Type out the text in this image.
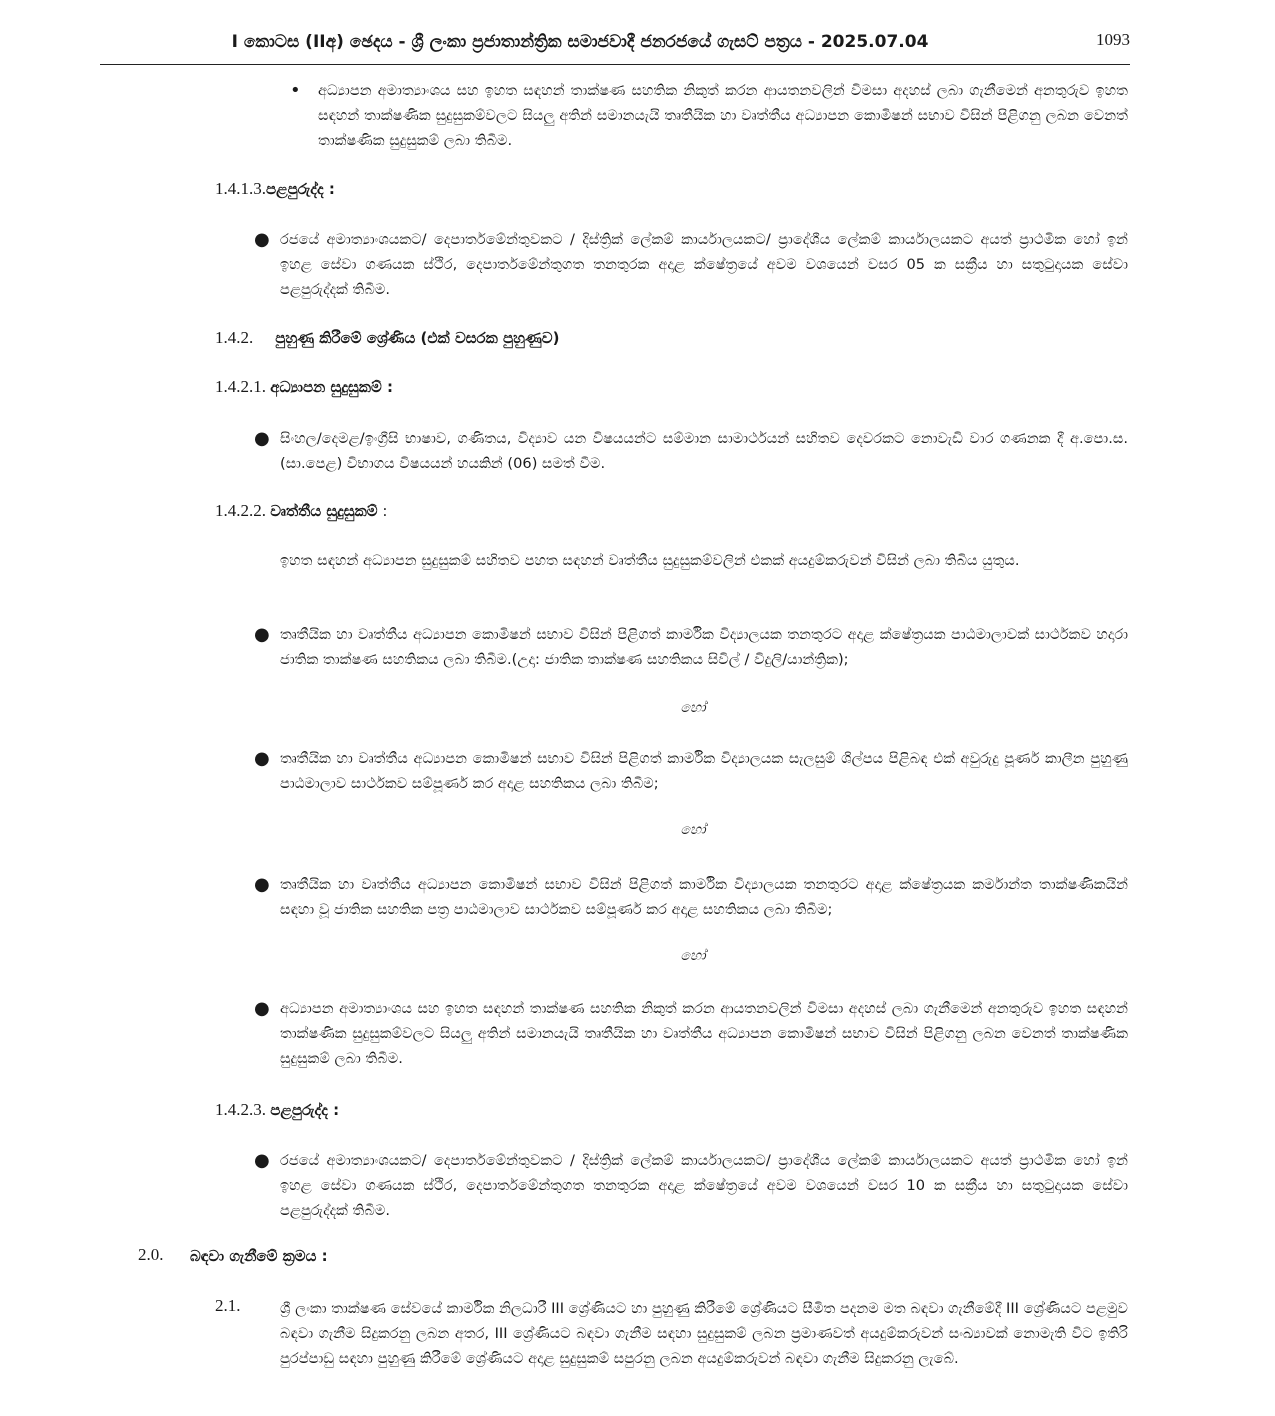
I කොටස (IIඅ) ඡෙදය - ශ්‍රී ලංකා ප්‍රජාතාන්ත්‍රික සමාජවාදී ජනරජයේ ගැසට් පත්‍රය - 2025.07.04	1093
• අධ්‍යාපන අමාත්‍යාංශය සහ ඉහත සඳහන් තාක්ෂණ සහතික නිකුත් කරන ආයතනවලින් විමසා අදහස් ලබා ගැනීමෙන් අනතුරුව ඉහත සඳහන් තාක්ෂණික සුදුසුකම්වලට සියලු අතින් සමානයැයි තෘතීයික හා වෘත්තීය අධ්‍යාපන කොමිෂන් සභාව විසින් පිළිගනු ලබන වෙනත් තාක්ෂණික සුදුසුකම් ලබා තිබීම.
1.4.1.3.පළපුරුද්ද :
● රජයේ අමාත්‍යාංශයකට/ දෙපාර්තමේන්තුවකට / දිස්ත්‍රික් ලේකම් කාර්යාලයකට/ ප්‍රාදේශීය ලේකම් කාර්යාලයකට අයත් ප්‍රාථමික හෝ ඉන් ඉහළ සේවා ගණයක ස්ථිර, දෙපාර්තමේන්තුගත තනතුරක අදාළ ක්ෂේත්‍රයේ අවම වශයෙන් වසර 05 ක සක්‍රීය හා සතුටුදායක සේවා පළපුරුද්දක් තිබීම.
1.4.2. පුහුණු කිරීමේ ශ්‍රේණිය (එක් වසරක පුහුණුව)
1.4.2.1. අධ්‍යාපන සුදුසුකම් :
● සිංහල/දෙමළ/ඉංග්‍රීසි භාෂාව, ගණිතය, විද්‍යාව යන විෂයයන්ට සම්මාන සාමාර්ථයන් සහිතව දෙවරකට නොවැඩි වාර ගණනක දී අ.පො.ස. (සා.පෙළ) විභාගය විෂයයන් හයකින් (06) සමත් වීම.
1.4.2.2. වෘත්තීය සුදුසුකම් :
ඉහත සඳහන් අධ්‍යාපන සුදුසුකම් සහිතව පහත සඳහන් වෘත්තීය සුදුසුකම්වලින් එකක් අයදුම්කරුවන් විසින් ලබා තිබිය යුතුය.
● තෘතීයික හා වෘත්තීය අධ්‍යාපන කොමිෂන් සභාව විසින් පිළිගත් කාර්මික විද්‍යාලයක තනතුරට අදාළ ක්ෂේත්‍රයක පාඨමාලාවක් සාර්ථකව හදාරා ජාතික තාක්ෂණ සහතිකය ලබා තිබීම.(උදා: ජාතික තාක්ෂණ සහතිකය සිවිල් / විදුලි/යාන්ත්‍රික);
හෝ
● තෘතීයික හා වෘත්තීය අධ්‍යාපන කොමිෂන් සභාව විසින් පිළිගත් කාර්මික විද්‍යාලයක සැලසුම් ශිල්පය පිළිබඳ එක් අවුරුදු පූර්ණ කාලීන පුහුණු පාඨමාලාව සාර්ථකව සම්පූර්ණ කර අදාළ සහතිකය ලබා තිබීම;
හෝ
● තෘතීයික හා වෘත්තීය අධ්‍යාපන කොමිෂන් සභාව විසින් පිළිගත් කාර්මික විද්‍යාලයක තනතුරට අදාළ ක්ෂේත්‍රයක කර්මාන්ත තාක්ෂණිකයින් සඳහා වූ ජාතික සහතික පත්‍ර පාඨමාලාව සාර්ථකව සම්පූර්ණ කර අදාළ සහතිකය ලබා තිබීම;
හෝ
● අධ්‍යාපන අමාත්‍යාංශය සහ ඉහත සඳහන් තාක්ෂණ සහතික නිකුත් කරන ආයතනවලින් විමසා අදහස් ලබා ගැනීමෙන් අනතුරුව ඉහත සඳහන් තාක්ෂණික සුදුසුකම්වලට සියලු අතින් සමානයැයි තෘතීයික හා වෘත්තීය අධ්‍යාපන කොමිෂන් සභාව විසින් පිළිගනු ලබන වෙනත් තාක්ෂණික සුදුසුකම් ලබා තිබීම.
1.4.2.3. පළපුරුද්ද :
● රජයේ අමාත්‍යාංශයකට/ දෙපාර්තමේන්තුවකට / දිස්ත්‍රික් ලේකම් කාර්යාලයකට/ ප්‍රාදේශීය ලේකම් කාර්යාලයකට අයත් ප්‍රාථමික හෝ ඉන් ඉහළ සේවා ගණයක ස්ථිර, දෙපාර්තමේන්තුගත තනතුරක අදාළ ක්ෂේත්‍රයේ අවම වශයෙන් වසර 10 ක සක්‍රීය හා සතුටුදායක සේවා පළපුරුද්දක් තිබීම.
2.0. බඳවා ගැනීමේ ක්‍රමය :
2.1.	ශ්‍රී ලංකා තාක්ෂණ සේවයේ කාර්මික නිලධාරී III ශ්‍රේණියට හා පුහුණු කිරීමේ ශ්‍රේණියට සීමිත පදනම මත බඳවා ගැනීමේදී III ශ්‍රේණියට පළමුව බඳවා ගැනීම සිදුකරනු ලබන අතර, III ශ්‍රේණියට බඳවා ගැනීම සඳහා සුදුසුකම් ලබන ප්‍රමාණවත් අයදුම්කරුවන් සංඛ්‍යාවක් නොමැති විට ඉතිරි පුරප්පාඩු සඳහා පුහුණු කිරීමේ ශ්‍රේණියට අදාළ සුදුසුකම් සපුරනු ලබන අයදුම්කරුවන් බඳවා ගැනීම සිදුකරනු ලැබේ.
